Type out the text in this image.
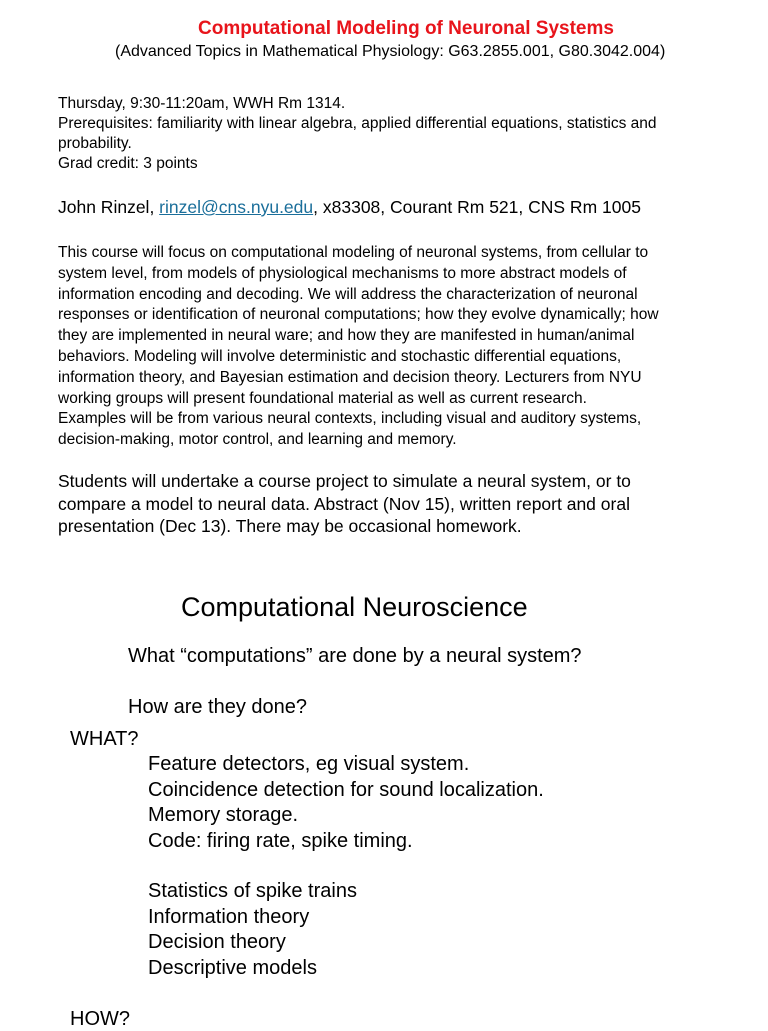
Computational Modeling of Neuronal Systems
(Advanced Topics in Mathematical Physiology: G63.2855.001, G80.3042.004)
Thursday, 9:30-11:20am, WWH Rm 1314.
Prerequisites: familiarity with linear algebra, applied differential equations, statistics and
probability.
Grad credit: 3 points
John Rinzel, rinzel@cns.nyu.edu, x83308, Courant Rm 521, CNS Rm 1005
This course will focus on computational modeling of neuronal systems, from cellular to
system level, from models of physiological mechanisms to more abstract models of
information encoding and decoding. We will address the characterization of neuronal
responses or identification of neuronal computations; how they evolve dynamically; how
they are implemented in neural ware; and how they are manifested in human/animal
behaviors. Modeling will involve deterministic and stochastic differential equations,
information theory, and Bayesian estimation and decision theory. Lecturers from NYU
working groups will present foundational material as well as current research.
Examples will be from various neural contexts, including visual and auditory systems,
decision-making, motor control, and learning and memory.
Students will undertake a course project to simulate a neural system, or to
compare a model to neural data. Abstract (Nov 15), written report and oral
presentation (Dec 13). There may be occasional homework.
Computational Neuroscience
What “computations” are done by a neural system?
How are they done?
WHAT?
Feature detectors, eg visual system.
Coincidence detection for sound localization.
Memory storage.
Code: firing rate, spike timing.
Statistics of spike trains
Information theory
Decision theory
Descriptive models
HOW?
